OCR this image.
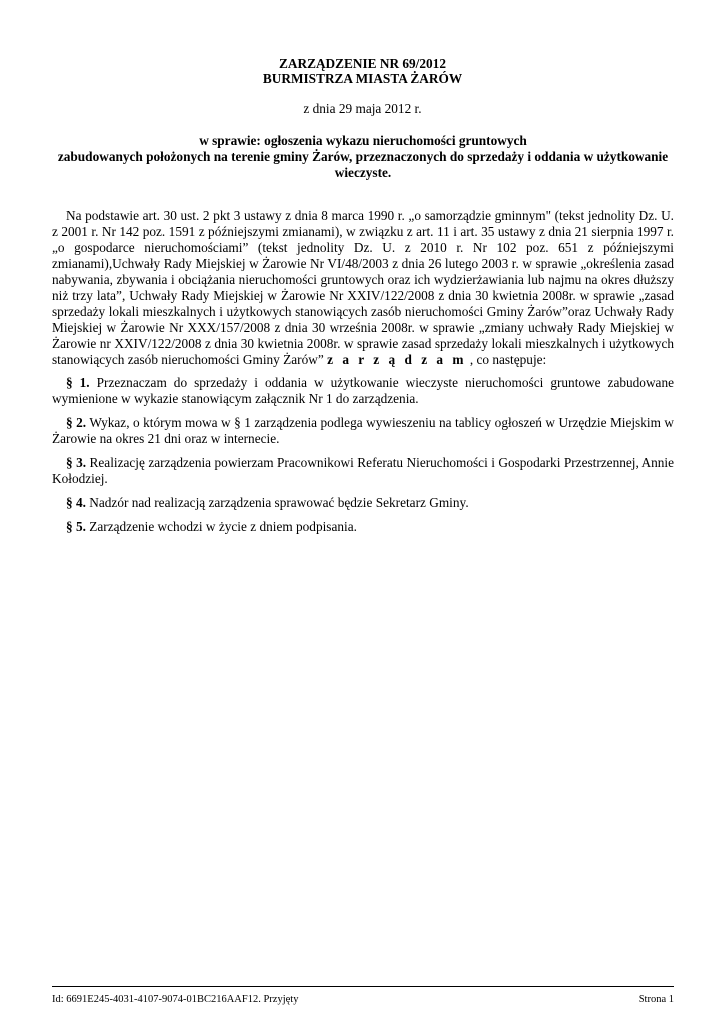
ZARZĄDZENIE NR 69/2012
BURMISTRZA MIASTA ŻARÓW
z dnia 29 maja 2012 r.
w sprawie: ogłoszenia wykazu nieruchomości gruntowych
zabudowanych położonych na terenie gminy Żarów, przeznaczonych do sprzedaży i oddania w użytkowanie
wieczyste.

Na podstawie art. 30 ust. 2 pkt 3 ustawy z dnia 8 marca 1990 r. „o samorządzie gminnym" (tekst jednolity Dz. U. z 2001 r. Nr 142 poz. 1591 z późniejszymi zmianami), w związku z art. 11 i art. 35 ustawy z dnia 21 sierpnia 1997 r. „o gospodarce nieruchomościami” (tekst jednolity Dz. U. z 2010 r. Nr 102 poz. 651 z późniejszymi zmianami),Uchwały Rady Miejskiej w Żarowie Nr VI/48/2003 z dnia 26 lutego 2003 r. w sprawie „określenia zasad nabywania, zbywania i obciążania nieruchomości gruntowych oraz ich wydzierżawiania lub najmu na okres dłuższy niż trzy lata”, Uchwały Rady Miejskiej w Żarowie Nr XXIV/122/2008 z dnia 30 kwietnia 2008r. w sprawie „zasad sprzedaży lokali mieszkalnych i użytkowych stanowiących zasób nieruchomości Gminy Żarów”oraz Uchwały Rady Miejskiej w Żarowie Nr XXX/157/2008 z dnia 30 września 2008r. w sprawie „zmiany uchwały Rady Miejskiej w Żarowie nr XXIV/122/2008 z dnia 30 kwietnia 2008r. w sprawie zasad sprzedaży lokali mieszkalnych i użytkowych stanowiących zasób nieruchomości Gminy Żarów” z a r z ą d z a m , co następuje:

§ 1. Przeznaczam do sprzedaży i oddania w użytkowanie wieczyste nieruchomości gruntowe zabudowane wymienione w wykazie stanowiącym załącznik Nr 1 do zarządzenia.

§ 2. Wykaz, o którym mowa w § 1 zarządzenia podlega wywieszeniu na tablicy ogłoszeń w Urzędzie Miejskim w Żarowie na okres 21 dni oraz w internecie.

§ 3. Realizację zarządzenia powierzam Pracownikowi Referatu Nieruchomości i Gospodarki Przestrzennej, Annie Kołodziej.

§ 4. Nadzór nad realizacją zarządzenia sprawować będzie Sekretarz Gminy.

§ 5. Zarządzenie wchodzi w życie z dniem podpisania.

Id: 6691E245-4031-4107-9074-01BC216AAF12. Przyjęty	Strona 1
